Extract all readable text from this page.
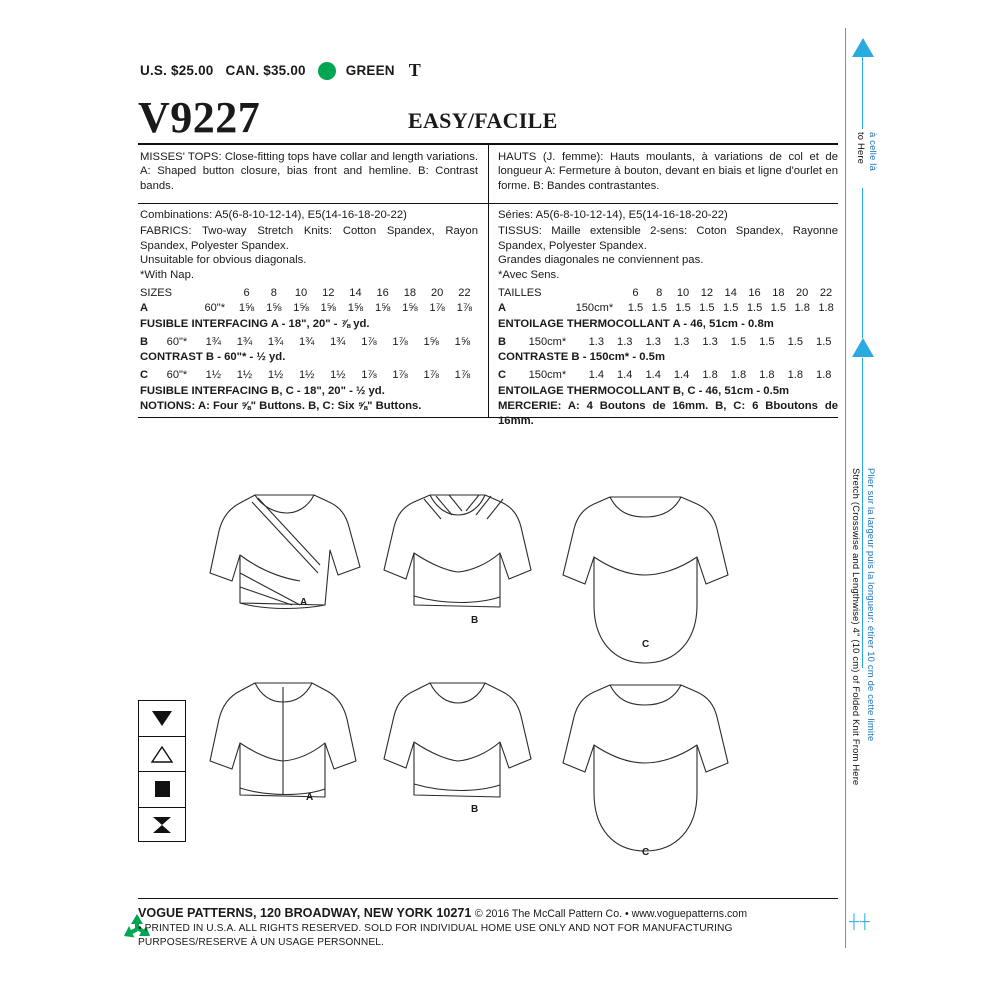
U.S. $25.00 CAN. $35.00	GREEN T
V9227	EASY/FACILE
MISSES' TOPS: Close-fitting tops have collar and length variations. A: Shaped button closure, bias front and hemline. B: Contrast bands.
HAUTS (J. femme): Hauts moulants, à variations de col et de longueur A: Fermeture à bouton, devant en biais et ligne d'ourlet en forme. B: Bandes contrastantes.
Combinations: A5(6-8-10-12-14), E5(14-16-18-20-22)
FABRICS: Two-way Stretch Knits: Cotton Spandex, Rayon Spandex, Polyester Spandex.
Unsuitable for obvious diagonals.
*With Nap.
SIZES		6	8	10	12	14	16	18	20	22
A	60"*	1⅝	1⅝	1⅝	1⅝	1⅝	1⅝	1⅝	1⅞	1⅞
FUSIBLE INTERFACING A - 18", 20" - ⅞ yd.
B	60"*	1¾	1¾	1¾	1¾	1¾	1⅞	1⅞	1⅝	1⅝
CONTRAST B - 60"* - ½ yd.
C	60"*	1½	1½	1½	1½	1½	1⅞	1⅞	1⅞	1⅞
FUSIBLE INTERFACING B, C - 18", 20" - ½ yd.
NOTIONS: A: Four ⅝" Buttons. B, C: Six ⅝" Buttons.
Séries: A5(6-8-10-12-14), E5(14-16-18-20-22)
TISSUS: Maille extensible 2-sens: Coton Spandex, Rayonne Spandex, Polyester Spandex.
Grandes diagonales ne conviennent pas.
*Avec Sens.
TAILLES		6	8	10	12	14	16	18	20	22
A	150cm*	1.5	1.5	1.5	1.5	1.5	1.5	1.5	1.8	1.8
ENTOILAGE THERMOCOLLANT A - 46, 51cm - 0.8m
B	150cm*	1.3	1.3	1.3	1.3	1.3	1.5	1.5	1.5	1.5
CONTRASTE B - 150cm* - 0.5m
C	150cm*	1.4	1.4	1.4	1.4	1.8	1.8	1.8	1.8	1.8
ENTOILAGE THERMOCOLLANT B, C - 46, 51cm - 0.5m
MERCERIE: A: 4 Boutons de 16mm. B, C: 6 Bboutons de 16mm.
A
B
C
A
B
C
VOGUE PATTERNS, 120 BROADWAY, NEW YORK 10271 © 2016 The McCall Pattern Co. • www.voguepatterns.com
• PRINTED IN U.S.A. ALL RIGHTS RESERVED. SOLD FOR INDIVIDUAL HOME USE ONLY AND NOT FOR MANUFACTURING
PURPOSES/RESERVE À UN USAGE PERSONNEL.
to Here à celle là
Stretch (Crosswise and Lengthwise) 4" (10 cm) of Folded Knit From Here Plier sur la largeur puis la longueur: étirer 10 cm de cette limite
┼┼
